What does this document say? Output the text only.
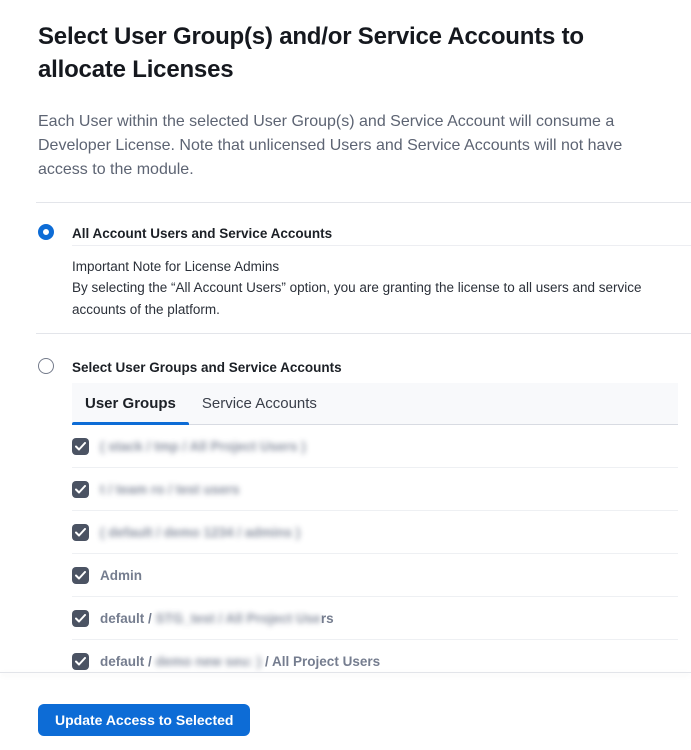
Select User Group(s) and/or Service Accounts to allocate Licenses

Each User within the selected User Group(s) and Service Account will consume a Developer License. Note that unlicensed Users and Service Accounts will not have access to the module.

All Account Users and Service Accounts
Important Note for License Admins
By selecting the “All Account Users” option, you are granting the license to all users and service accounts of the platform.
Select User Groups and Service Accounts
User Groups Service Accounts
( stack / tmp / All Project Users )
t / team ro / test users
( default / demo 1234 / admins )
Admin
default / STG_test / All Project Users
default / demo new seu: ) / All Project Users
Update Access to Selected
